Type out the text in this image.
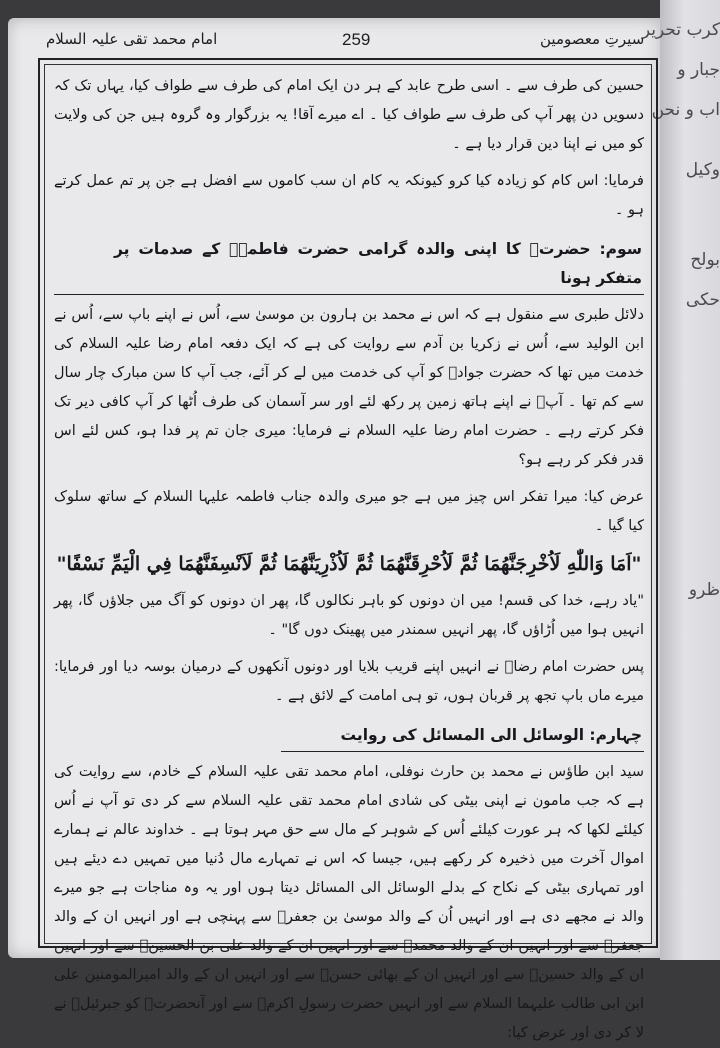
کرب تحریر
جبار و
اب و نحن
وکیل
بولح
حکی
ظرو
امام محمد تقی علیہ السلام	259	سیرتِ معصومین

حسین کی طرف سے ۔ اسی طرح عابد کے ہر دن ایک امام کی طرف سے طواف کیا، یہاں تک کہ دسویں دن پھر آپ کی طرف سے طواف کیا ۔ اے میرے آقا! یہ بزرگوار وہ گروہ ہیں جن کی ولایت کو میں نے اپنا دین قرار دیا ہے ۔

فرمایا: اس کام کو زیادہ کیا کرو کیونکہ یہ کام ان سب کاموں سے افضل ہے جن پر تم عمل کرتے ہو ۔

سوم: حضرتؑ کا اپنی والدہ گرامی حضرت فاطمہؑ کے صدمات پر متفکر ہونا

دلائل طبری سے منقول ہے کہ اس نے محمد بن ہارون بن موسیٰ سے، اُس نے اپنے باپ سے، اُس نے ابن الولید سے، اُس نے زکریا بن آدم سے روایت کی ہے کہ ایک دفعہ امام رضا علیہ السلام کی خدمت میں تھا کہ حضرت جوادؑ کو آپ کی خدمت میں لے کر آئے، جب آپ کا سن مبارک چار سال سے کم تھا ۔ آپؑ نے اپنے ہاتھ زمین پر رکھ لئے اور سر آسمان کی طرف اُٹھا کر آپ کافی دیر تک فکر کرتے رہے ۔ حضرت امام رضا علیہ السلام نے فرمایا: میری جان تم پر فدا ہو، کس لئے اس قدر فکر کر رہے ہو؟

عرض کیا: میرا تفکر اس چیز میں ہے جو میری والدہ جناب فاطمہ علیہا السلام کے ساتھ سلوک کیا گیا ۔

"اَمَا وَاللّٰهِ لَاُخْرِجَنَّهُمَا ثُمَّ لَاُحْرِقَنَّهُمَا ثُمَّ لَاُذْرِيَنَّهُمَا ثُمَّ لَاَنْسِفَنَّهُمَا فِي الْيَمِّ نَسْفًا"

"یاد رہے، خدا کی قسم! میں ان دونوں کو باہر نکالوں گا، پھر ان دونوں کو آگ میں جلاؤں گا، پھر انہیں ہوا میں اُڑاؤں گا، پھر انہیں سمندر میں پھینک دوں گا" ۔

پس حضرت امام رضاؑ نے انہیں اپنے قریب بلایا اور دونوں آنکھوں کے درمیان بوسہ دیا اور فرمایا: میرے ماں باپ تجھ پر قربان ہوں، تو ہی امامت کے لائق ہے ۔

چہارم: الوسائل الی المسائل کی روایت

سید ابن طاؤس نے محمد بن حارث نوفلی، امام محمد تقی علیہ السلام کے خادم، سے روایت کی ہے کہ جب مامون نے اپنی بیٹی کی شادی امام محمد تقی علیہ السلام سے کر دی تو آپ نے اُس کیلئے لکھا کہ ہر عورت کیلئے اُس کے شوہر کے مال سے حق مہر ہوتا ہے ۔ خداوند عالم نے ہمارے اموال آخرت میں ذخیرہ کر رکھے ہیں، جیسا کہ اس نے تمہارے مال دُنیا میں تمہیں دے دیئے ہیں اور تمہاری بیٹی کے نکاح کے بدلے الوسائل الی المسائل دیتا ہوں اور یہ وہ مناجات ہے جو میرے والد نے مجھے دی ہے اور انہیں اُن کے والد موسیٰ بن جعفرؑ سے پہنچی ہے اور انہیں ان کے والد جعفرؑ سے اور انہیں ان کے والد محمدؑ سے اور انہیں ان کے والد علی بن الحسینؑ سے اور انہیں ان کے والد حسینؑ سے اور انہیں ان کے بھائی حسنؑ سے اور انہیں ان کے والد امیرالمومنین علی ابن ابی طالب علیہما السلام سے اور انہیں حضرت رسولِ اکرمؐ سے اور آنحضرتؐ کو جبرئیلؑ نے لا کر دی اور عرض کیا:
